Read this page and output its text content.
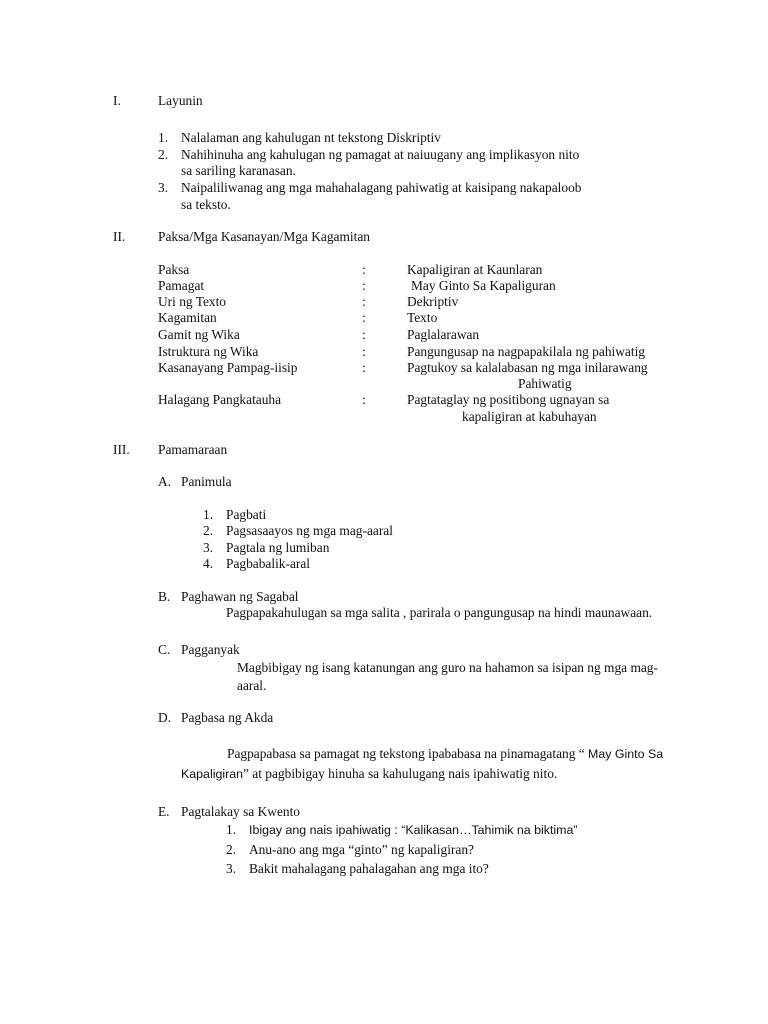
I.	Layunin
1. Nalalaman ang kahulugan nt tekstong Diskriptiv
2. Nahihinuha ang kahulugan ng pamagat at naiuugany ang implikasyon nito
sa sariling karanasan.
3. Naipaliliwanag ang mga mahahalagang pahiwatig at kaisipang nakapaloob
sa teksto.
II. Paksa/Mga Kasanayan/Mga Kagamitan
Paksa	:	Kapaligiran at Kaunlaran
Pamagat	:	May Ginto Sa Kapaliguran
Uri ng Texto	:	Dekriptiv
Kagamitan	:	Texto
Gamit ng Wika	:	Paglalarawan
Istruktura ng Wika	:	Pangungusap na nagpapakilala ng pahiwatig
Kasanayang Pampag-iisip	:	Pagtukoy sa kalalabasan ng mga inilarawang
Pahiwatig
Halagang Pangkatauha	:	Pagtataglay ng positibong ugnayan sa
kapaligiran at kabuhayan
III. Pamamaraan
A. Panimula
1. Pagbati
2. Pagsasaayos ng mga mag-aaral
3. Pagtala ng lumiban
4. Pagbabalik-aral
B. Paghawan ng Sagabal
Pagpapakahulugan sa mga salita , parirala o pangungusap na hindi maunawaan.
C. Pagganyak
Magbibigay ng isang katanungan ang guro na hahamon sa isipan ng mga mag-
aaral.
D. Pagbasa ng Akda
Pagpapabasa sa pamagat ng tekstong ipababasa na pinamagatang “ May Ginto Sa
Kapaligiran” at pagbibigay hinuha sa kahulugang nais ipahiwatig nito.
E. Pagtalakay sa Kwento
1. Ibigay ang nais ipahiwatig : “Kalikasan…Tahimik na biktima”
2. Anu-ano ang mga “ginto” ng kapaligiran?
3. Bakit mahalagang pahalagahan ang mga ito?
